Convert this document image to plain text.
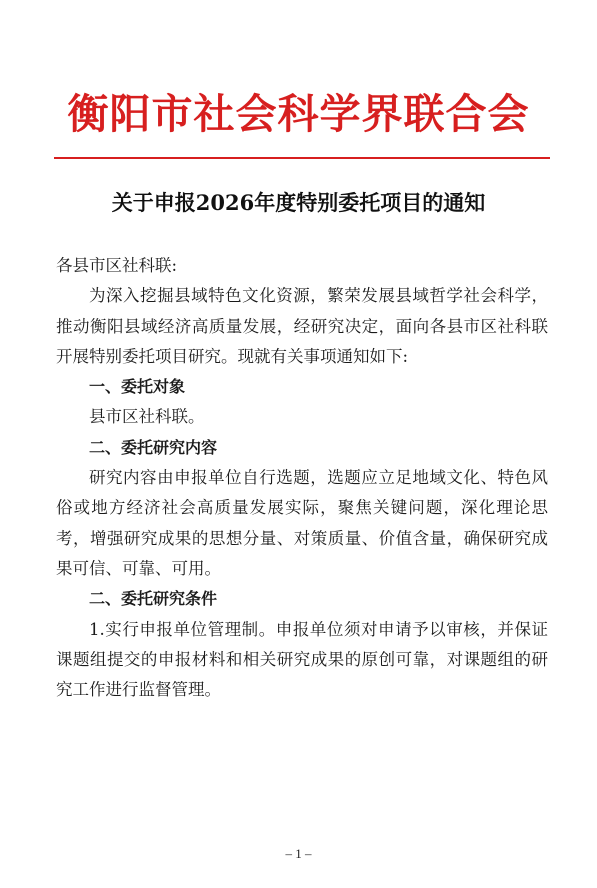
衡阳市社会科学界联合会
关于申报2026年度特别委托项目的通知

各县市区社科联:

为深入挖掘县域特色文化资源，繁荣发展县域哲学社会科学，推动衡阳县域经济高质量发展，经研究决定，面向各县市区社科联开展特别委托项目研究。现就有关事项通知如下:

一、委托对象

县市区社科联。

二、委托研究内容

研究内容由申报单位自行选题，选题应立足地域文化、特色风俗或地方经济社会高质量发展实际，聚焦关键问题，深化理论思考，增强研究成果的思想分量、对策质量、价值含量，确保研究成果可信、可靠、可用。

二、委托研究条件

1.实行申报单位管理制。申报单位须对申请予以审核，并保证课题组提交的申报材料和相关研究成果的原创可靠，对课题组的研究工作进行监督管理。

– 1 –
